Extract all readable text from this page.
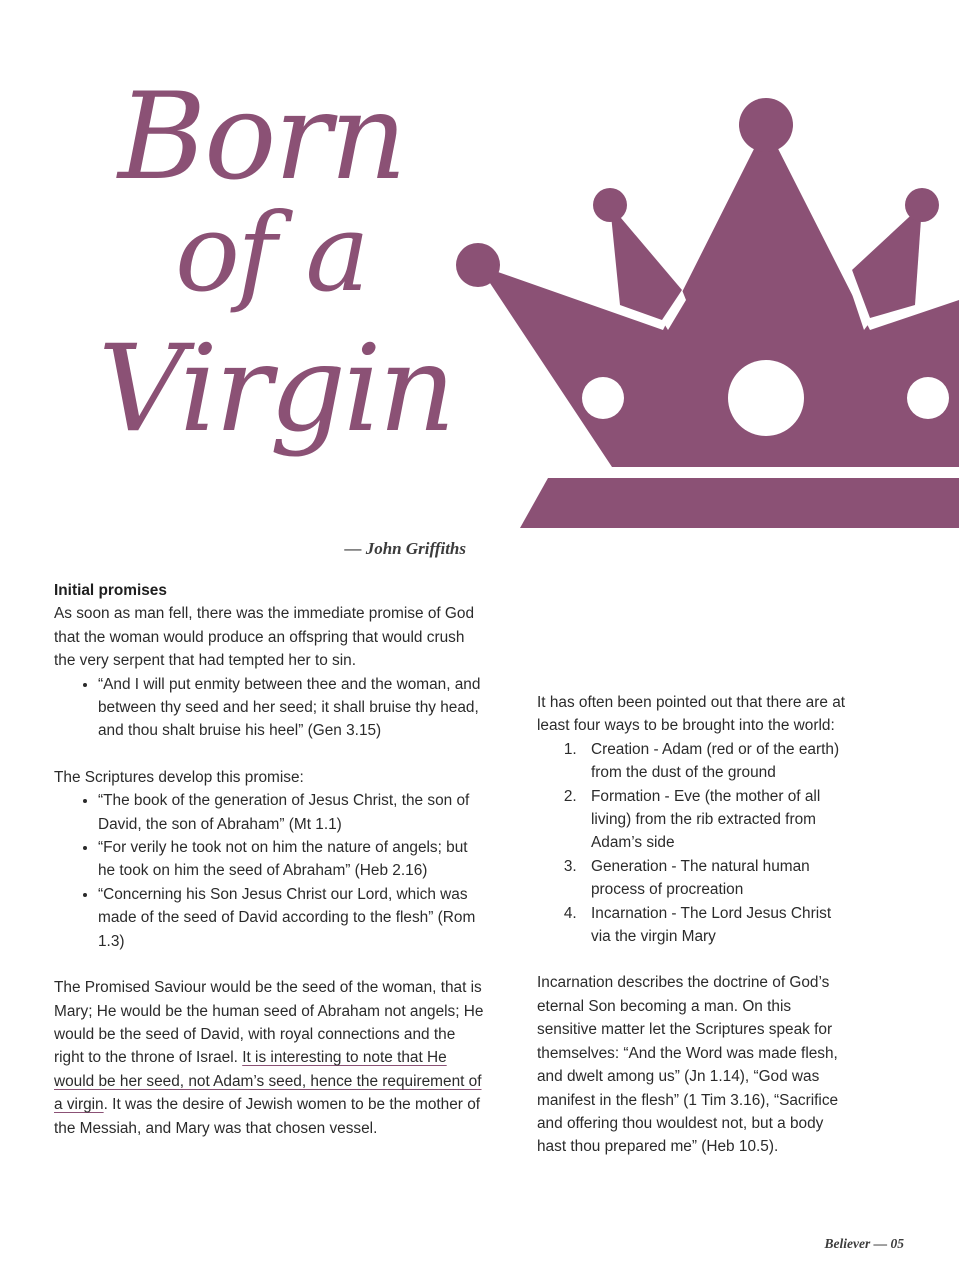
Born
of a
Virgin

— John Griffiths

Initial promises

As soon as man fell, there was the immediate promise of God that the woman would produce an offspring that would crush the very serpent that had tempted her to sin.

• “And I will put enmity between thee and the woman, and between thy seed and her seed; it shall bruise thy head, and thou shalt bruise his heel” (Gen 3.15)

The Scriptures develop this promise:

• “The book of the generation of Jesus Christ, the son of David, the son of Abraham” (Mt 1.1)
• “For verily he took not on him the nature of angels; but he took on him the seed of Abraham” (Heb 2.16)
• “Concerning his Son Jesus Christ our Lord, which was made of the seed of David according to the flesh” (Rom 1.3)

The Promised Saviour would be the seed of the woman, that is Mary; He would be the human seed of Abraham not angels; He would be the seed of David, with royal connections and the right to the throne of Israel. It is interesting to note that He would be her seed, not Adam’s seed, hence the requirement of a virgin. It was the desire of Jewish women to be the mother of the Messiah, and Mary was that chosen vessel.

It has often been pointed out that there are at least four ways to be brought into the world:

1. Creation - Adam (red or of the earth) from the dust of the ground
2. Formation - Eve (the mother of all living) from the rib extracted from Adam’s side
3. Generation - The natural human process of procreation
4. Incarnation - The Lord Jesus Christ via the virgin Mary

Incarnation describes the doctrine of God’s eternal Son becoming a man. On this sensitive matter let the Scriptures speak for themselves: “And the Word was made flesh, and dwelt among us” (Jn 1.14), “God was manifest in the flesh” (1 Tim 3.16), “Sacrifice and offering thou wouldest not, but a body hast thou prepared me” (Heb 10.5).

Believer — 05
